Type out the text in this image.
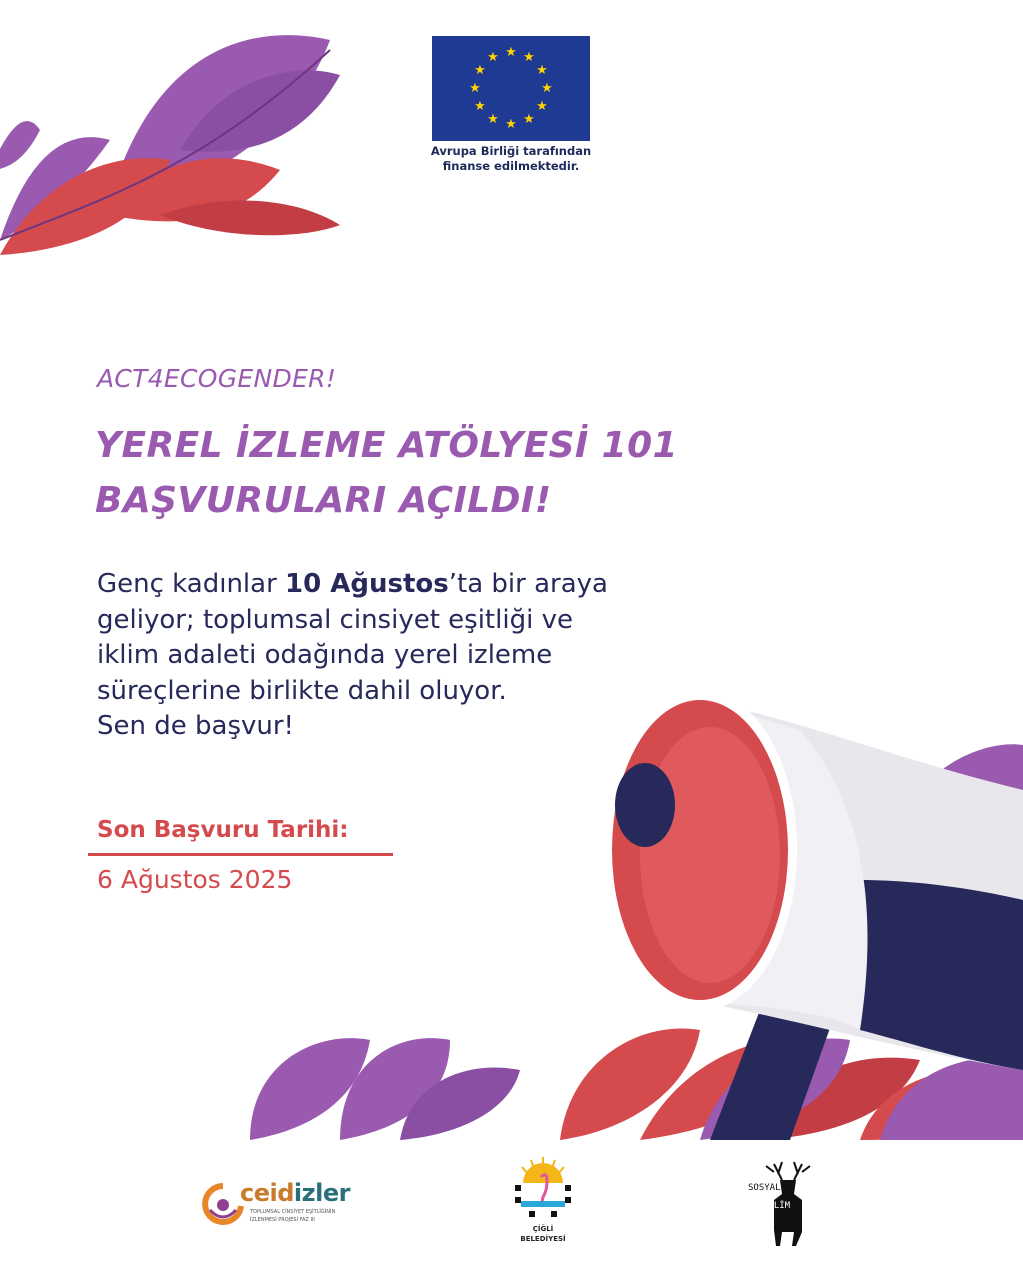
★ ★
★
★
★
★
★
★
★
★
★
★
Avrupa Birliği tarafından
finanse edilmektedir.
ACT4ECOGENDER!
YEREL İZLEME ATÖLYESİ 101
BAŞVURULARI AÇILDI!
Genç kadınlar 10 Ağustos’ta bir araya
geliyor; toplumsal cinsiyet eşitliği ve
iklim adaleti odağında yerel izleme
süreçlerine birlikte dahil oluyor.
Sen de başvur!
Son Başvuru Tarihi:
6 Ağustos 2025
ceidizler
TOPLUMSAL CİNSİYET EŞİTLİĞİNİN
İZLENMESİ PROJESİ FAZ III
ÇİĞLİ
BELEDİYESİ
SOSYAL
İKLİM
